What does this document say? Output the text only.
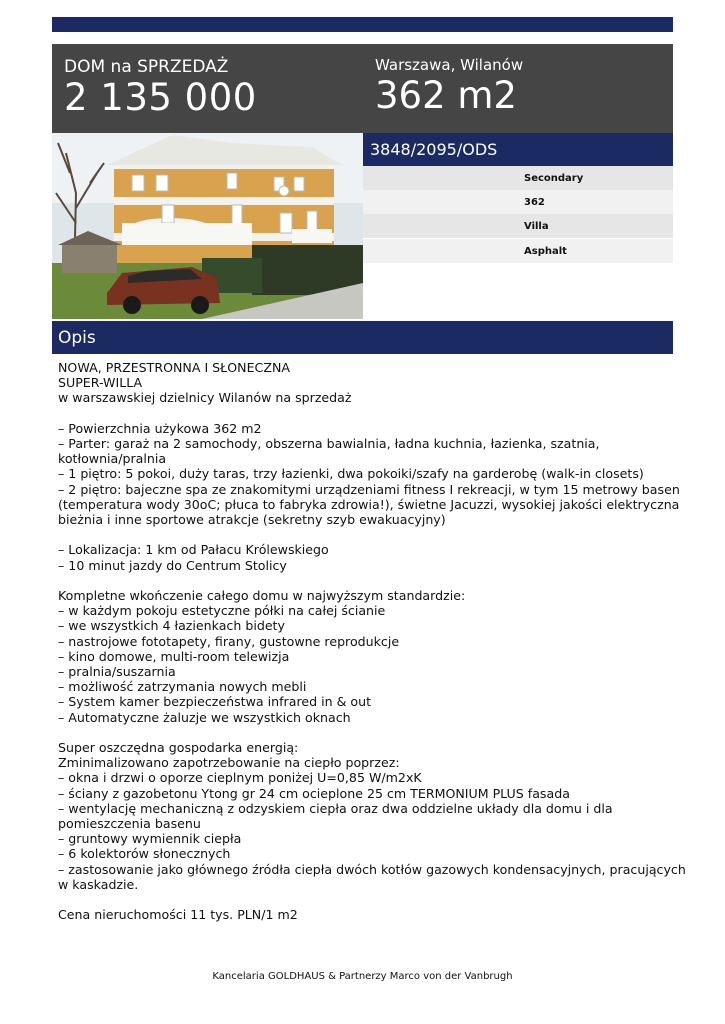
DOM na SPRZEDAŻ
2 135 000
Warszawa, Wilanów
362 m2
3848/2095/ODS
Secondary
362
Villa
Asphalt
Opis
NOWA, PRZESTRONNA I SŁONECZNA
SUPER-WILLA
w warszawskiej dzielnicy Wilanów na sprzedaż
– Powierzchnia użykowa 362 m2
– Parter: garaż na 2 samochody, obszerna bawialnia, ładna kuchnia, łazienka, szatnia,
kotłownia/pralnia
– 1 piętro: 5 pokoi, duży taras, trzy łazienki, dwa pokoiki/szafy na garderobę (walk-in closets)
– 2 piętro: bajeczne spa ze znakomitymi urządzeniami fitness I rekreacji, w tym 15 metrowy basen
(temperatura wody 30oC; płuca to fabryka zdrowia!), świetne Jacuzzi, wysokiej jakości elektryczna
bieżnia i inne sportowe atrakcje (sekretny szyb ewakuacyjny)
– Lokalizacja: 1 km od Pałacu Królewskiego
– 10 minut jazdy do Centrum Stolicy
Kompletne wkończenie całego domu w najwyższym standardzie:
– w każdym pokoju estetyczne półki na całej ścianie
– we wszystkich 4 łazienkach bidety
– nastrojowe fototapety, firany, gustowne reprodukcje
– kino domowe, multi-room telewizja
– pralnia/suszarnia
– możliwość zatrzymania nowych mebli
– System kamer bezpieczeństwa infrared in & out
– Automatyczne żaluzje we wszystkich oknach
Super oszczędna gospodarka energią:
Zminimalizowano zapotrzebowanie na ciepło poprzez:
– okna i drzwi o oporze cieplnym poniżej U=0,85 W/m2xK
– ściany z gazobetonu Ytong gr 24 cm ocieplone 25 cm TERMONIUM PLUS fasada
– wentylację mechaniczną z odzyskiem ciepła oraz dwa oddzielne układy dla domu i dla
pomieszczenia basenu
– gruntowy wymiennik ciepła
– 6 kolektorów słonecznych
– zastosowanie jako głównego źródła ciepła dwóch kotłów gazowych kondensacyjnych, pracujących
w kaskadzie.
Cena nieruchomości 11 tys. PLN/1 m2
Kancelaria GOLDHAUS & Partnerzy Marco von der Vanbrugh
